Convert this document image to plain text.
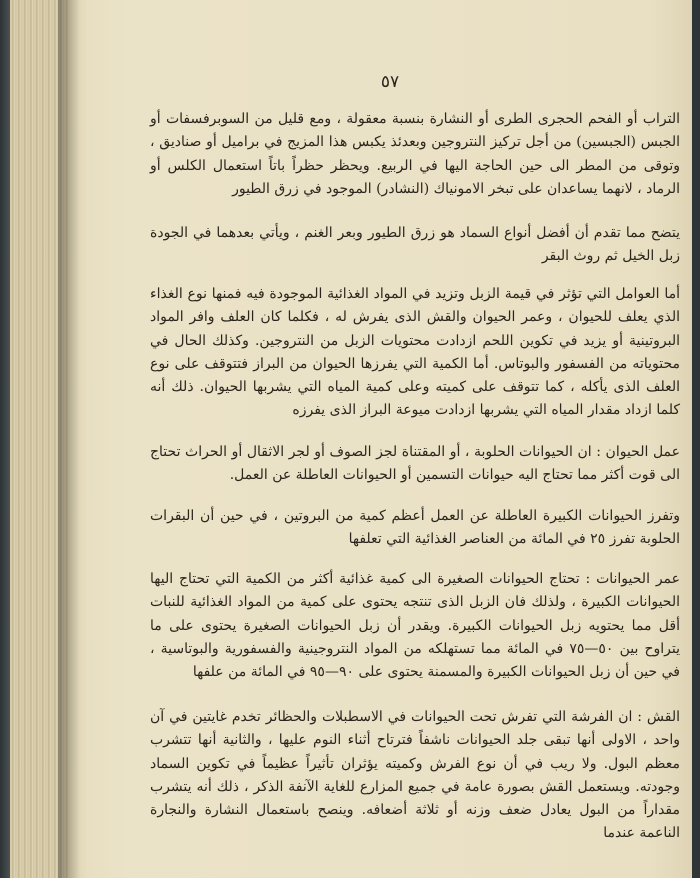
٥٧

التراب أو الفحم الحجرى الطرى أو النشارة بنسبة معقولة ، ومع قليل من السوبرفسفات أو الجبس (الجبسين) من أجل تركيز النتروجين وبعدئذ يكبس هذا المزيج في براميل أو صناديق ، وتوقى من المطر الى حين الحاجة اليها في الربيع. ويحظر حظراً باتاً استعمال الكلس أو الرماد ، لانهما يساعدان على تبخر الامونياك (النشادر) الموجود في زرق الطيور

يتضح مما تقدم أن أفضل أنواع السماد هو زرق الطيور وبعر الغنم ، ويأتي بعدهما في الجودة زبل الخيل ثم روث البقر

أما العوامل التي تؤثر في قيمة الزبل وتزيد في المواد الغذائية الموجودة فيه فمنها نوع الغذاء الذي يعلف للحيوان ، وعمر الحيوان والقش الذى يفرش له ، فكلما كان العلف وافر المواد البروتينية أو يزيد في تكوين اللحم ازدادت محتويات الزبل من النتروجين. وكذلك الحال في محتوياته من الفسفور والبوتاس. أما الكمية التي يفرزها الحيوان من البراز فتتوقف على نوع العلف الذى يأكله ، كما تتوقف على كميته وعلى كمية المياه التي يشربها الحيوان. ذلك أنه كلما ازداد مقدار المياه التي يشربها ازدادت ميوعة البراز الذى يفرزه

عمل الحيوان : ان الحيوانات الحلوبة ، أو المقتناة لجز الصوف أو لجر الاثقال أو الحراث تحتاج الى قوت أكثر مما تحتاج اليه حيوانات التسمين أو الحيوانات العاطلة عن العمل.

وتفرز الحيوانات الكبيرة العاطلة عن العمل أعظم كمية من البروتين ، في حين أن البقرات الحلوبة تفرز ٢٥ في المائة من العناصر الغذائية التي تعلفها

عمر الحيوانات : تحتاج الحيوانات الصغيرة الى كمية غذائية أكثر من الكمية التي تحتاج اليها الحيوانات الكبيرة ، ولذلك فان الزبل الذى تنتجه يحتوى على كمية من المواد الغذائية للنبات أقل مما يحتويه زبل الحيوانات الكبيرة. ويقدر أن زبل الحيوانات الصغيرة يحتوى على ما يتراوح بين ٥٠—٧٥ في المائة مما تستهلكه من المواد النتروجينية والفسفورية والبوتاسية ، في حين أن زبل الحيوانات الكبيرة والمسمنة يحتوى على ٩٠—٩٥ في المائة من علفها

القش : ان الفرشة التي تفرش تحت الحيوانات في الاسطبلات والحظائر تخدم غايتين في آن واحد ، الاولى أنها تبقى جلد الحيوانات ناشفاً فترتاح أثناء النوم عليها ، والثانية أنها تتشرب معظم البول. ولا ريب في أن نوع الفرش وكميته يؤثران تأثيراً عظيماً في تكوين السماد وجودته. ويستعمل القش بصورة عامة في جميع المزارع للغاية الآنفة الذكر ، ذلك أنه يتشرب مقداراً من البول يعادل ضعف وزنه أو ثلاثة أضعافه. وينصح باستعمال النشارة والنجارة الناعمة عندما
